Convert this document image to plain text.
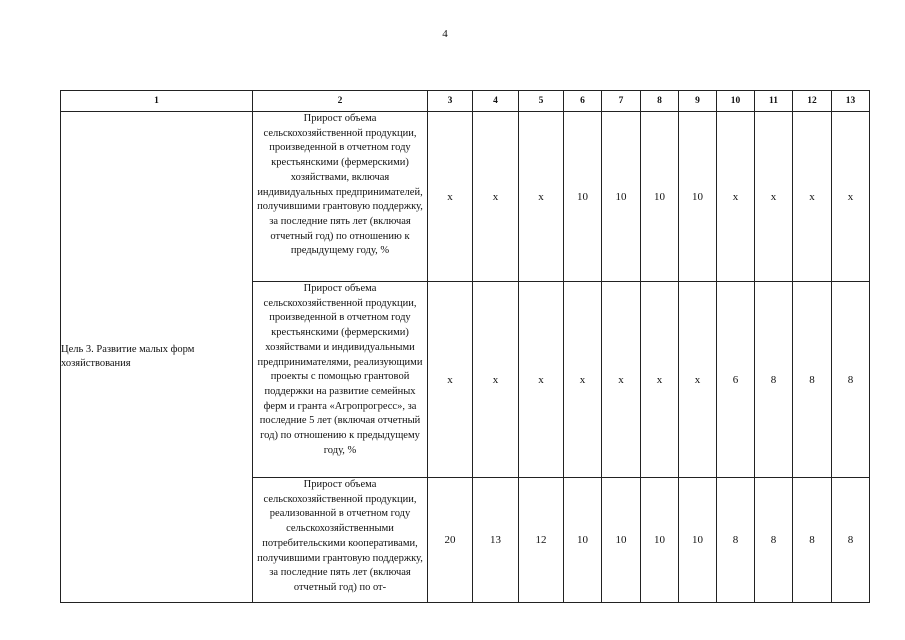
4
1	2	3	4	5	6	7	8	9	10	11	12	13
Цель 3. Развитие малых форм хозяйствования	Прирост объема сельскохозяйственной продукции, произведенной в отчетном году крестьянскими (фермерскими) хозяйствами, включая индивидуальных предпринимателей, получившими грантовую поддержку, за последние пять лет (включая отчетный год) по отношению к предыдущему году, %	x	x	x	10	10	10	10	x	x	x	x
	Прирост объема сельскохозяйственной продукции, произведенной в отчетном году крестьянскими (фермерскими) хозяйствами и индивидуальными предпринимателями, реализующими проекты с помощью грантовой поддержки на развитие семейных ферм и гранта «Агропрогресс», за последние 5 лет (включая отчетный год) по отношению к предыдущему году, %	x	x	x	x	x	x	x	6	8	8	8

	Прирост объема сельскохозяйственной продукции, реализованной в отчетном году сельскохозяйственными потребительскими кооперативами, получившими грантовую поддержку, за последние пять лет (включая отчетный год) по от-	20	13	12	10	10	10	10	8	8	8	8
